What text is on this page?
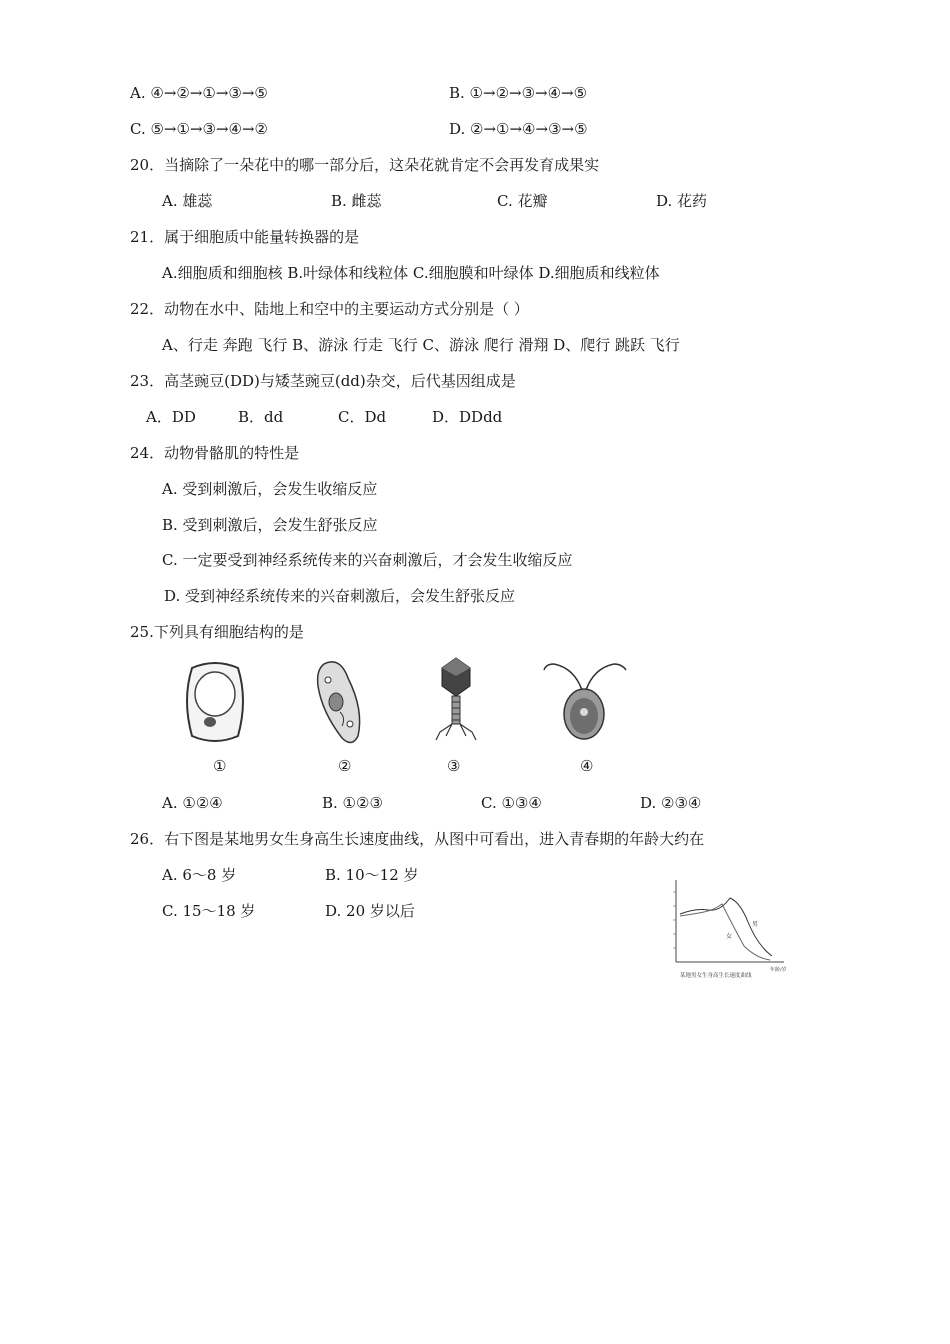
A. ④→②→①→③→⑤	B. ①→②→③→④→⑤
C. ⑤→①→③→④→②	D. ②→①→④→③→⑤
20．当摘除了一朵花中的哪一部分后，这朵花就肯定不会再发育成果实
A. 雄蕊	B. 雌蕊	C. 花瓣	D. 花药
21．属于细胞质中能量转换器的是
A.细胞质和细胞核 B.叶绿体和线粒体 C.细胞膜和叶绿体 D.细胞质和线粒体
22．动物在水中、陆地上和空中的主要运动方式分别是（ ）
A、行走 奔跑 飞行 B、游泳 行走 飞行 C、游泳 爬行 滑翔 D、爬行 跳跃 飞行
23．高茎豌豆(DD)与矮茎豌豆(dd)杂交，后代基因组成是
A．DD	B．dd	C．Dd	D．DDdd
24．动物骨骼肌的特性是
A. 受到刺激后，会发生收缩反应
B. 受到刺激后，会发生舒张反应
C. 一定要受到神经系统传来的兴奋刺激后，才会发生收缩反应
D. 受到神经系统传来的兴奋刺激后，会发生舒张反应
25.下列具有细胞结构的是
①	②	③	④
A. ①②④	B. ①②③	C. ①③④	D. ②③④
26．右下图是某地男女生身高生长速度曲线，从图中可看出，进入青春期的年龄大约在
A. 6～8 岁	B. 10～12 岁
C. 15～18 岁	D. 20 岁以后
男
女
年龄/岁
某地男女生身高生长速度曲线
